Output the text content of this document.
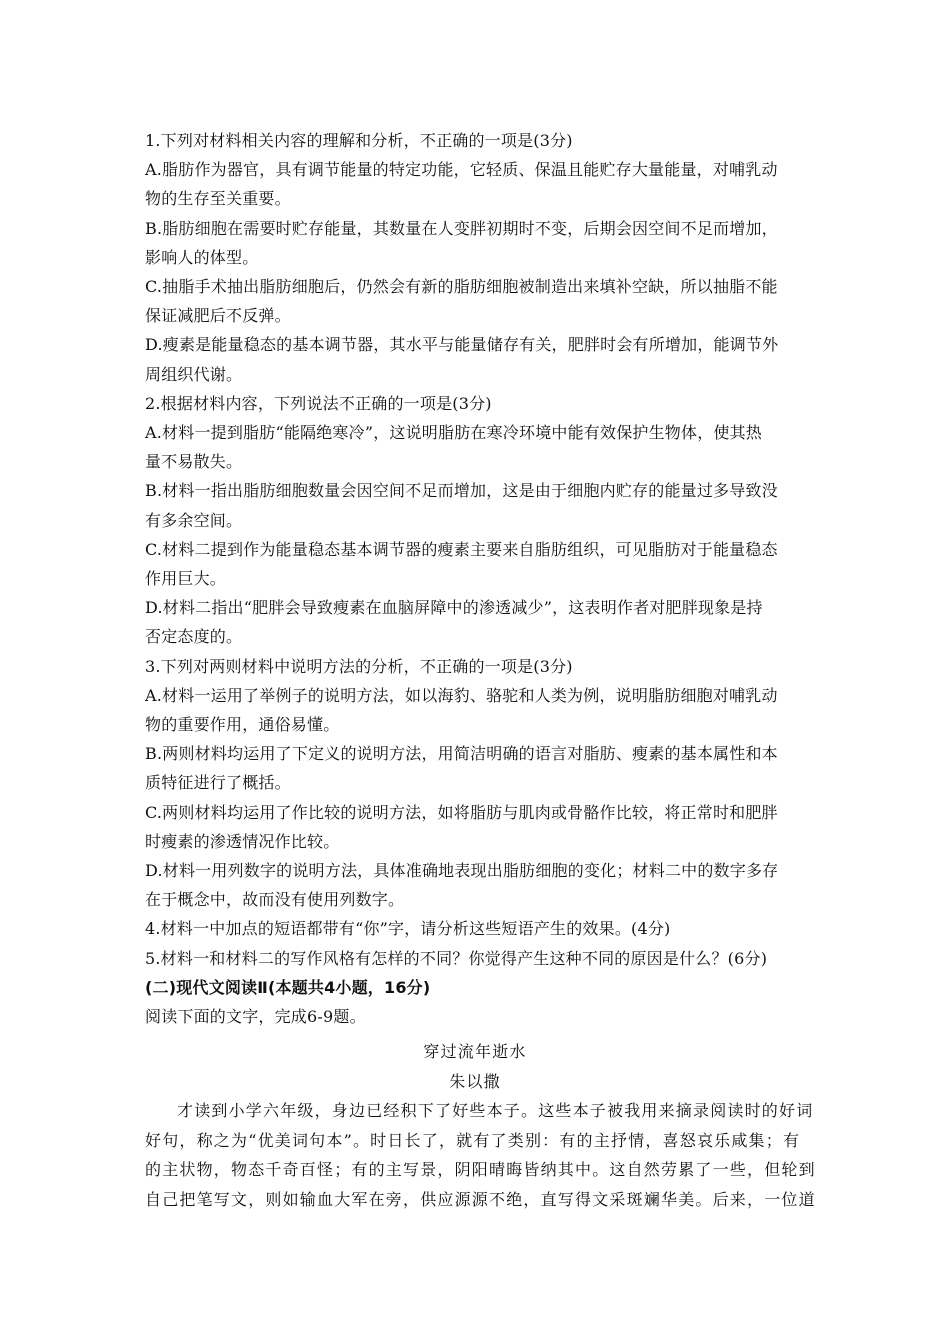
1.下列对材料相关内容的理解和分析，不正确的一项是(3分)
A.脂肪作为器官，具有调节能量的特定功能，它轻质、保温且能贮存大量能量，对哺乳动
物的生存至关重要。
B.脂肪细胞在需要时贮存能量，其数量在人变胖初期时不变，后期会因空间不足而增加，
影响人的体型。
C.抽脂手术抽出脂肪细胞后，仍然会有新的脂肪细胞被制造出来填补空缺，所以抽脂不能
保证减肥后不反弹。
D.瘦素是能量稳态的基本调节器，其水平与能量储存有关，肥胖时会有所增加，能调节外
周组织代谢。
2.根据材料内容，下列说法不正确的一项是(3分)
A.材料一提到脂肪“能隔绝寒冷”，这说明脂肪在寒冷环境中能有效保护生物体，使其热
量不易散失。
B.材料一指出脂肪细胞数量会因空间不足而增加，这是由于细胞内贮存的能量过多导致没
有多余空间。
C.材料二提到作为能量稳态基本调节器的瘦素主要来自脂肪组织，可见脂肪对于能量稳态
作用巨大。
D.材料二指出“肥胖会导致瘦素在血脑屏障中的渗透减少”，这表明作者对肥胖现象是持
否定态度的。
3.下列对两则材料中说明方法的分析，不正确的一项是(3分)
A.材料一运用了举例子的说明方法，如以海豹、骆驼和人类为例，说明脂肪细胞对哺乳动
物的重要作用，通俗易懂。
B.两则材料均运用了下定义的说明方法，用简洁明确的语言对脂肪、瘦素的基本属性和本
质特征进行了概括。
C.两则材料均运用了作比较的说明方法，如将脂肪与肌肉或骨骼作比较，将正常时和肥胖
时瘦素的渗透情况作比较。
D.材料一用列数字的说明方法，具体准确地表现出脂肪细胞的变化；材料二中的数字多存
在于概念中，故而没有使用列数字。
4.材料一中加点的短语都带有“你”字，请分析这些短语产生的效果。(4分)
5.材料一和材料二的写作风格有怎样的不同？你觉得产生这种不同的原因是什么？(6分)
(二)现代文阅读Ⅱ(本题共4小题，16分)
阅读下面的文字，完成6-9题。
穿过流年逝水
朱以撒
才读到小学六年级，身边已经积下了好些本子。这些本子被我用来摘录阅读时的好词
好句，称之为“优美词句本”。时日长了，就有了类别：有的主抒情，喜怒哀乐咸集；有
的主状物，物态千奇百怪；有的主写景，阴阳晴晦皆纳其中。这自然劳累了一些，但轮到
自己把笔写文，则如输血大军在旁，供应源源不绝，直写得文采斑斓华美。后来，一位道
